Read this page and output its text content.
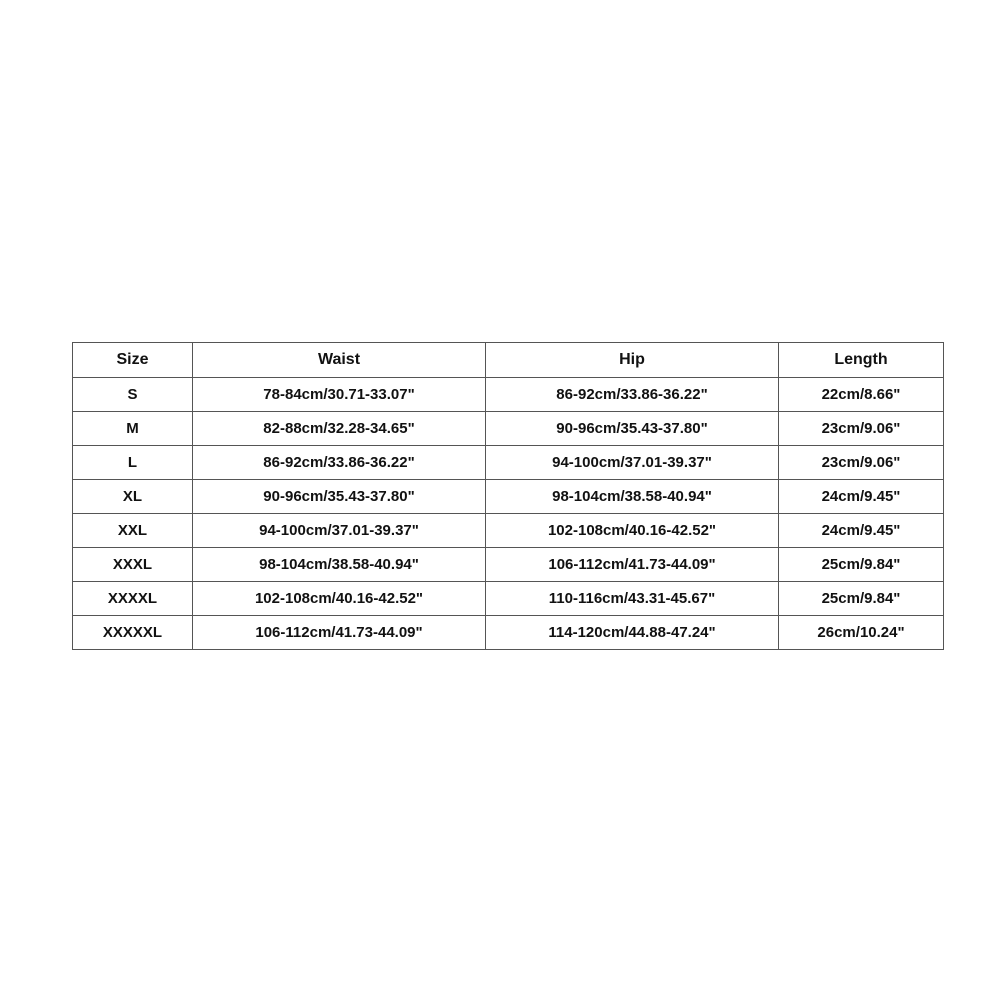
Size	Waist	Hip	Length
S	78-84cm/30.71-33.07"	86-92cm/33.86-36.22"	22cm/8.66"
M	82-88cm/32.28-34.65"	90-96cm/35.43-37.80"	23cm/9.06"
L	86-92cm/33.86-36.22"	94-100cm/37.01-39.37"	23cm/9.06"
XL	90-96cm/35.43-37.80"	98-104cm/38.58-40.94"	24cm/9.45"
XXL	94-100cm/37.01-39.37"	102-108cm/40.16-42.52"	24cm/9.45"
XXXL	98-104cm/38.58-40.94"	106-112cm/41.73-44.09"	25cm/9.84"
XXXXL	102-108cm/40.16-42.52"	110-116cm/43.31-45.67"	25cm/9.84"
XXXXXL	106-112cm/41.73-44.09"	114-120cm/44.88-47.24"	26cm/10.24"
